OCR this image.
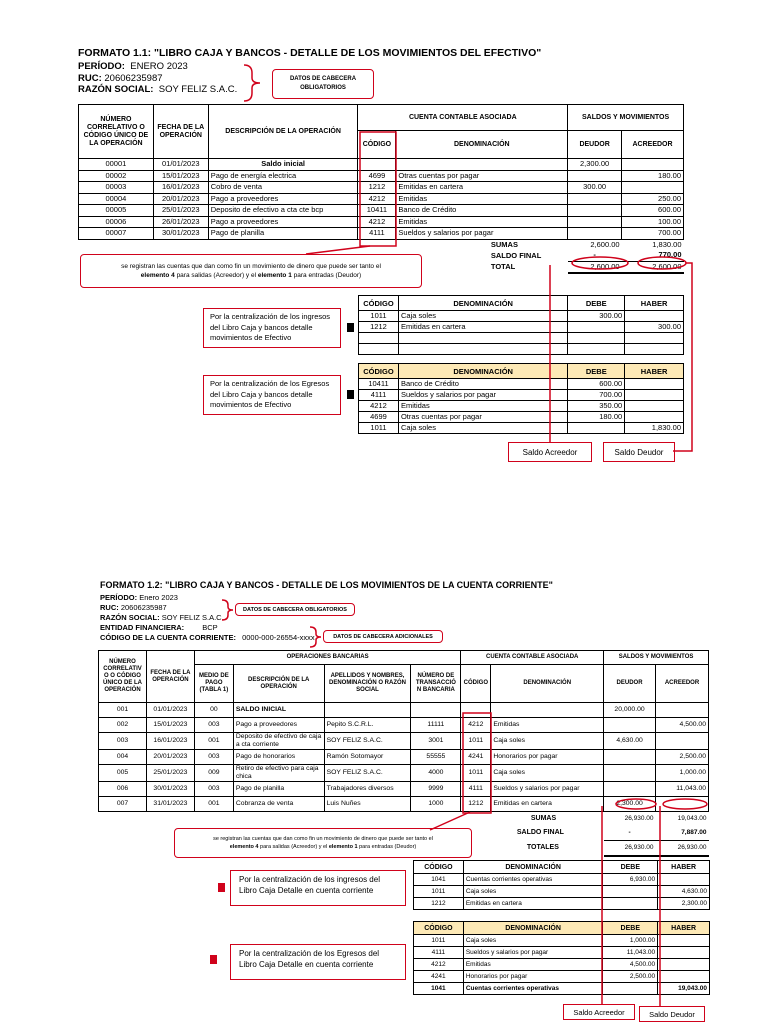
FORMATO 1.1: "LIBRO CAJA Y BANCOS - DETALLE DE LOS MOVIMIENTOS DEL EFECTIVO"
PERÍODO: ENERO 2023
RUC: 20606235987
RAZÓN SOCIAL: SOY FELIZ S.A.C.
DATOS DE CABECERA OBLIGATORIOS
NÚMERO CORRELATIVO O CÓDIGO ÚNICO DE LA OPERACIÓN	FECHA DE LA OPERACIÓN	DESCRIPCIÓN DE LA OPERACIÓN	CUENTA CONTABLE ASOCIADA		SALDOS Y MOVIMIENTOS	
			CÓDIGO	DENOMINACIÓN	DEUDOR	ACREEDOR
00001	01/01/2023	Saldo inicial			2,300.00	
00002	15/01/2023	Pago de energía electrica	4699	Otras cuentas por pagar		180.00
00003	16/01/2023	Cobro de venta	1212	Emitidas en cartera	300.00	
00004	20/01/2023	Pago a proveedores	4212	Emitidas		250.00
00005	25/01/2023	Deposito de efectivo a cta cte bcp	10411	Banco de Crédito		600.00
00006	26/01/2023	Pago a proveedores	4212	Emitidas		100.00
00007	30/01/2023	Pago de planilla	4111	Sueldos y salarios por pagar		700.00
				SUMAS	2,600.00	1,830.00
				SALDO FINAL	-	770.00
				TOTAL	2,600.00	2,600.00
se registran las cuentas que dan como fin un movimiento de dinero que puede ser tanto el
elemento 4 para salidas (Acreedor) y el elemento 1 para entradas (Deudor)
Por la centralización de los ingresos del Libro Caja y bancos detalle movimientos de Efectivo
Por la centralización de los Egresos del Libro Caja y bancos detalle movimientos de Efectivo
CÓDIGO	DENOMINACIÓN	DEBE	HABER
1011	Caja soles	300.00	
1212	Emitidas en cartera		300.00

CÓDIGO	DENOMINACIÓN	DEBE	HABER
10411	Banco de Crédito	600.00	
4111	Sueldos y salarios por pagar	700.00	
4212	Emitidas	350.00	
4699	Otras cuentas por pagar	180.00	
1011	Caja soles		1,830.00
Saldo Acreedor	Saldo Deudor
FORMATO 1.2: "LIBRO CAJA Y BANCOS - DETALLE DE LOS MOVIMIENTOS DE LA CUENTA CORRIENTE"
PERÍODO: Enero 2023
RUC: 20606235987
RAZÓN SOCIAL: SOY FELIZ S.A.C.
ENTIDAD FINANCIERA: BCP
CÓDIGO DE LA CUENTA CORRIENTE: 0000-000-26554-xxxx
DATOS DE CABECERA OBLIGATORIOS
DATOS DE CABECERA ADICIONALES
NÚMERO CORRELATIV O O CÓDIGO ÚNICO DE LA OPERACIÓN	FECHA DE LA OPERACIÓN	OPERACIONES BANCARIAS				CUENTA CONTABLE ASOCIADA		SALDOS Y MOVIMIENTOS	
		MEDIO DE PAGO (TABLA 1)	DESCRIPCIÓN DE LA OPERACIÓN	APELLIDOS Y NOMBRES, DENOMINACIÓN O RAZÓN SOCIAL	NÚMERO DE TRANSACCIÓ N BANCARIA	CÓDIGO	DENOMINACIÓN	DEUDOR	ACREEDOR
001	01/01/2023	00	SALDO INICIAL					20,000.00	
002	15/01/2023	003	Pago a proveedores	Pepito S.C.R.L.	11111	4212	Emitidas		4,500.00
003	16/01/2023	001	Deposito de efectivo de caja a cta corriente	SOY FELIZ S.A.C.	3001	1011	Caja soles	4,630.00	
004	20/01/2023	003	Pago de honorarios	Ramón Sotomayor	55555	4241	Honorarios por pagar		2,500.00
005	25/01/2023	009	Retiro de efectivo para caja chica	SOY FELIZ S.A.C.	4000	1011	Caja soles		1,000.00
006	30/01/2023	003	Pago de planilla	Trabajadores diversos	9999	4111	Sueldos y salarios por pagar		11,043.00
007	31/01/2023	001	Cobranza de venta	Luis Nuñes	1000	1212	Emitidas en cartera	2,300.00	
							SUMAS	26,930.00	19,043.00
							SALDO FINAL	-	7,887.00
							TOTALES	26,930.00	26,930.00
se registran las cuentas que dan como fin un movimiento de dinero que puede ser tanto el
elemento 4 para salidas (Acreedor) y el elemento 1 para entradas (Deudor)
Por la centralización de los ingresos del Libro Caja Detalle en cuenta corriente
Por la centralización de los Egresos del Libro Caja Detalle en cuenta corriente
CÓDIGO	DENOMINACIÓN	DEBE	HABER
1041	Cuentas corrientes operativas	6,930.00	
1011	Caja soles		4,630.00
1212	Emitidas en cartera		2,300.00
CÓDIGO	DENOMINACIÓN	DEBE	HABER
1011	Caja soles	1,000.00	
4111	Sueldos y salarios por pagar	11,043.00	
4212	Emitidas	4,500.00	
4241	Honorarios por pagar	2,500.00	
1041	Cuentas corrientes operativas		19,043.00
Saldo Acreedor	Saldo Deudor
